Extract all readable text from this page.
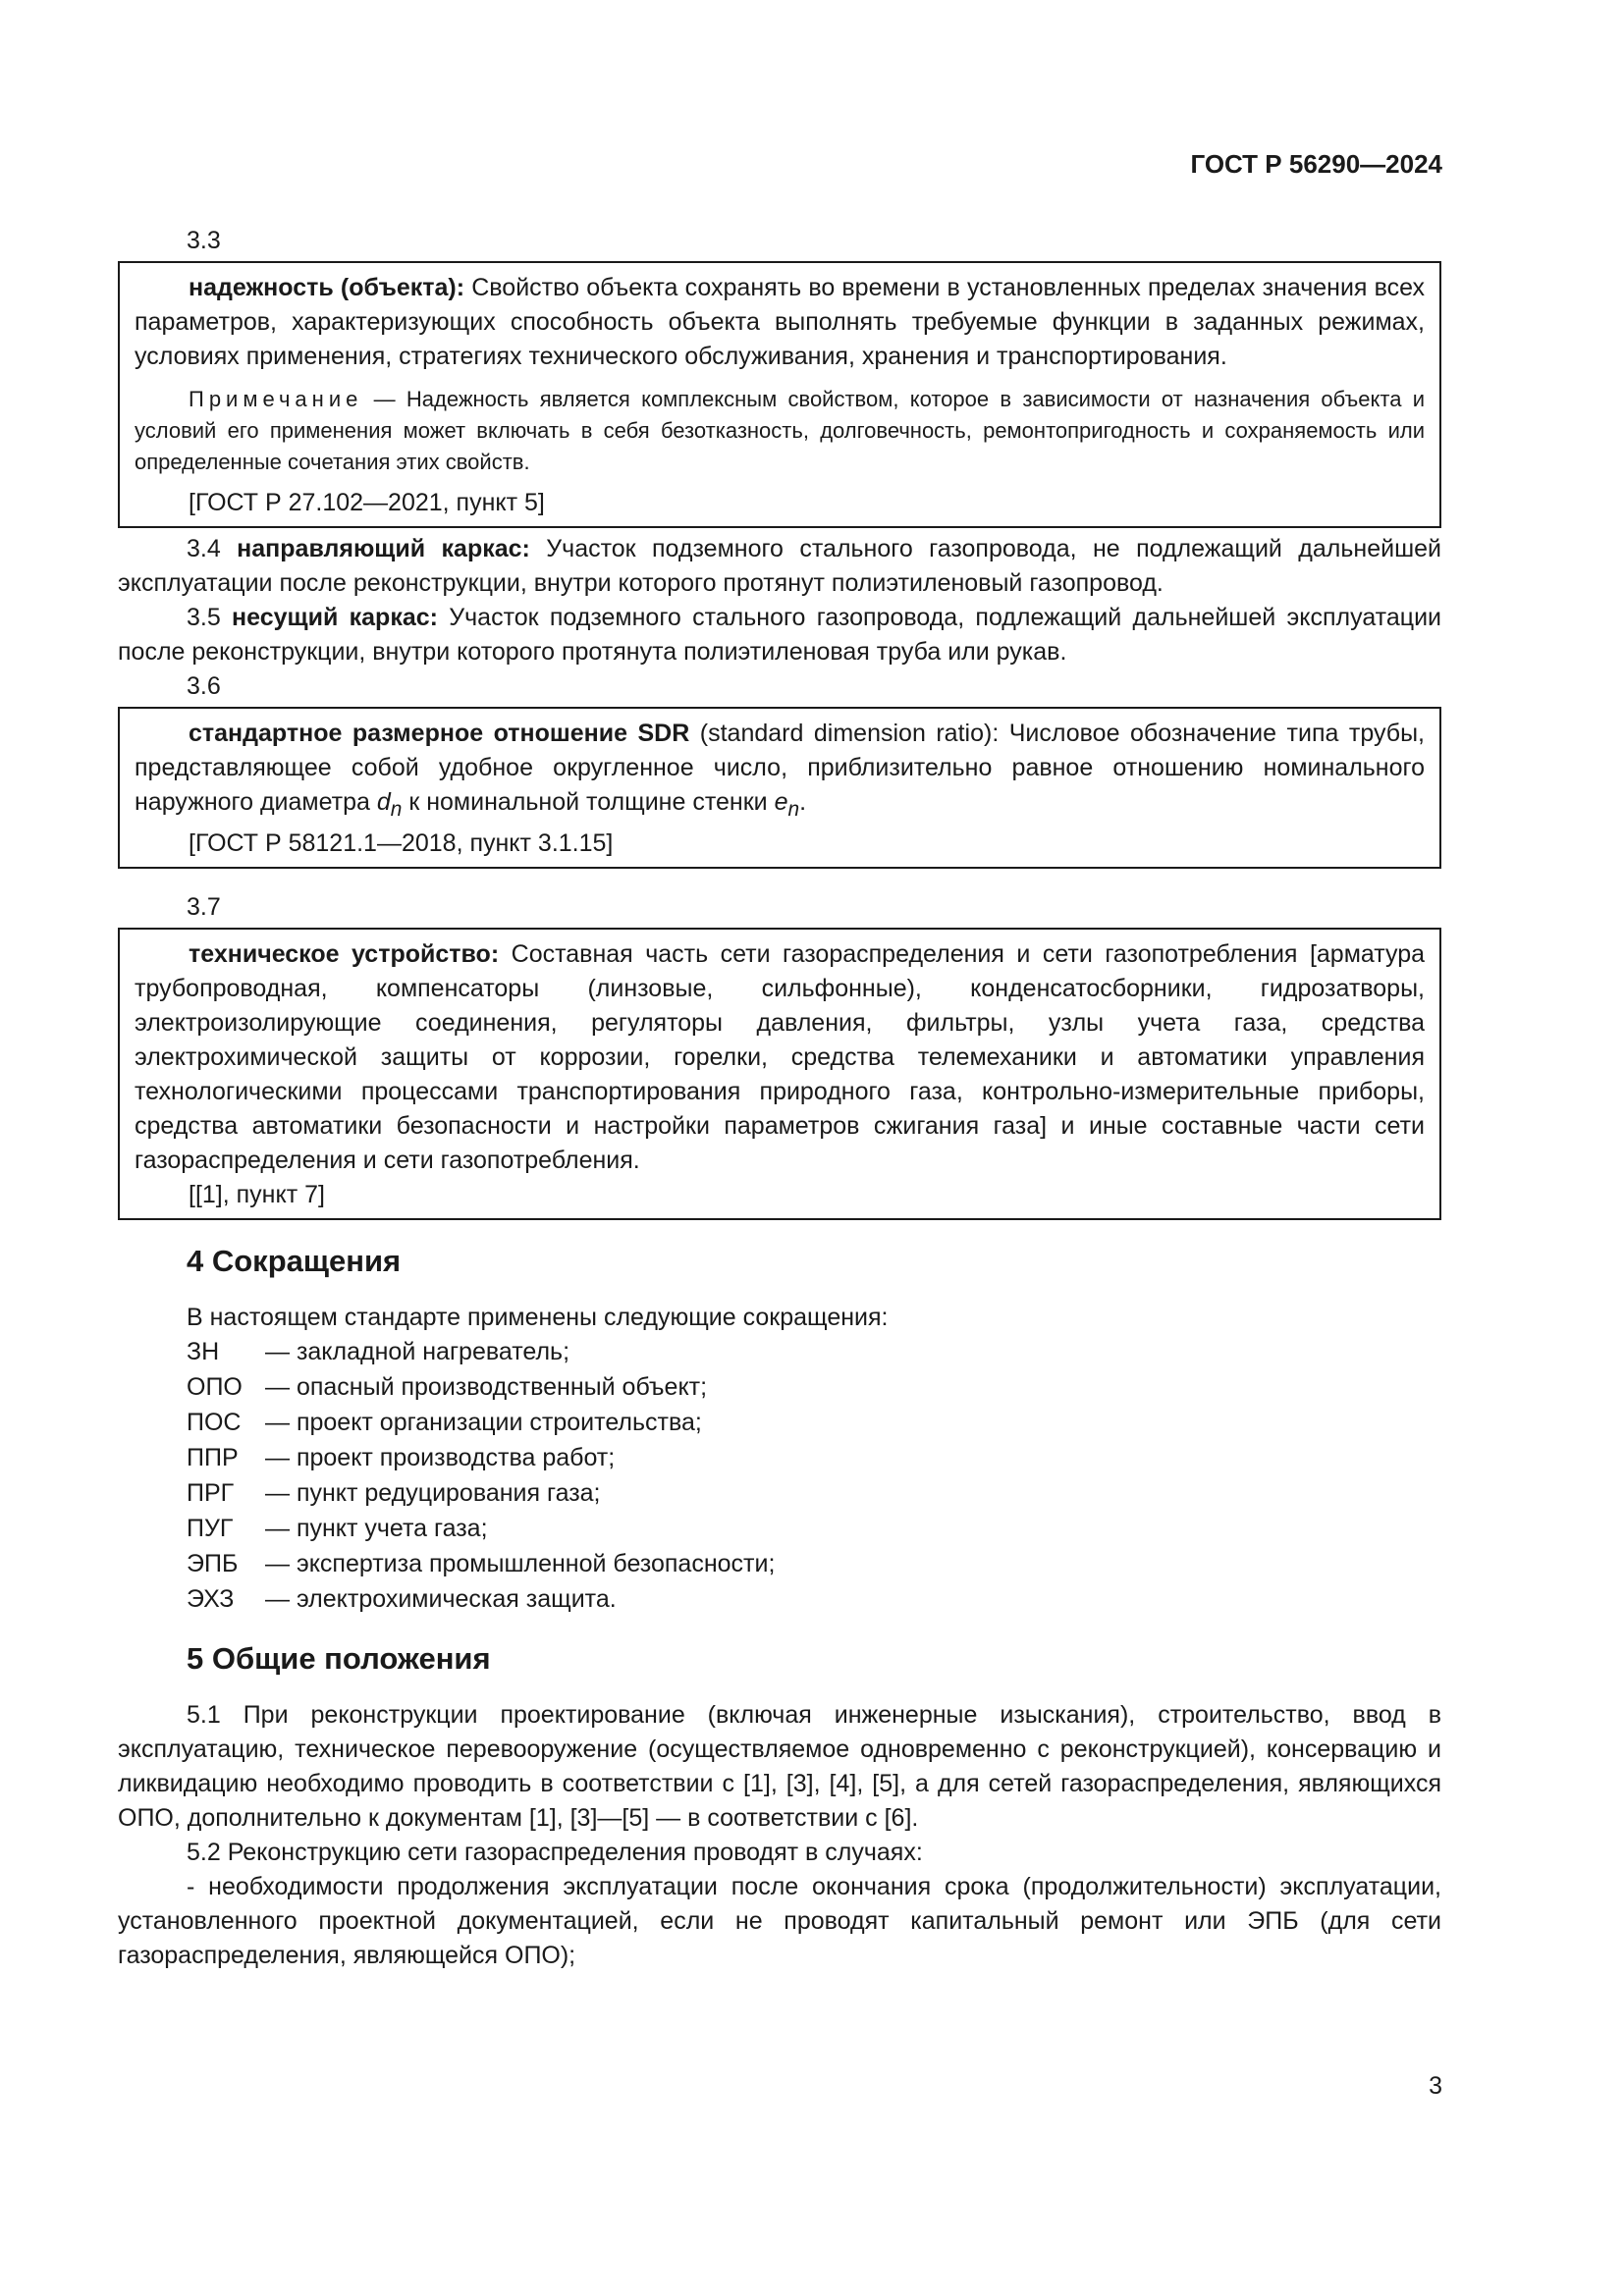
ГОСТ Р 56290—2024
3.3

надежность (объекта): Свойство объекта сохранять во времени в установленных пределах значения всех параметров, характеризующих способность объекта выполнять требуемые функции в заданных режимах, условиях применения, стратегиях технического обслуживания, хранения и транспортирования.

Примечание — Надежность является комплексным свойством, которое в зависимости от назначения объекта и условий его применения может включать в себя безотказность, долговечность, ремонтопригодность и сохраняемость или определенные сочетания этих свойств.

[ГОСТ Р 27.102—2021, пункт 5]

3.4 направляющий каркас: Участок подземного стального газопровода, не подлежащий дальнейшей эксплуатации после реконструкции, внутри которого протянут полиэтиленовый газопровод.

3.5 несущий каркас: Участок подземного стального газопровода, подлежащий дальнейшей эксплуатации после реконструкции, внутри которого протянута полиэтиленовая труба или рукав.

3.6

стандартное размерное отношение SDR (standard dimension ratio): Числовое обозначение типа трубы, представляющее собой удобное округленное число, приблизительно равное отношению номинального наружного диаметра $d_n$ к номинальной толщине стенки $e_n$.

[ГОСТ Р 58121.1—2018, пункт 3.1.15]

3.7

техническое устройство: Составная часть сети газораспределения и сети газопотребления [арматура трубопроводная, компенсаторы (линзовые, сильфонные), конденсатосборники, гидрозатворы, электроизолирующие соединения, регуляторы давления, фильтры, узлы учета газа, средства электрохимической защиты от коррозии, горелки, средства телемеханики и автоматики управления технологическими процессами транспортирования природного газа, контрольно-измерительные приборы, средства автоматики безопасности и настройки параметров сжигания газа] и иные составные части сети газораспределения и сети газопотребления.

[[1], пункт 7]

4 Сокращения

В настоящем стандарте применены следующие сокращения:

ЗН	— закладной нагреватель;
ОПО — опасный производственный объект;
ПОС — проект организации строительства;
ППР	— проект производства работ;
ПРГ	— пункт редуцирования газа;
ПУГ	— пункт учета газа;
ЭПБ	— экспертиза промышленной безопасности;
ЭХЗ	— электрохимическая защита.
5 Общие положения

5.1 При реконструкции проектирование (включая инженерные изыскания), строительство, ввод в эксплуатацию, техническое перевооружение (осуществляемое одновременно с реконструкцией), консервацию и ликвидацию необходимо проводить в соответствии с [1], [3], [4], [5], а для сетей газораспределения, являющихся ОПО, дополнительно к документам [1], [3]—[5] — в соответствии с [6].

5.2 Реконструкцию сети газораспределения проводят в случаях:

- необходимости продолжения эксплуатации после окончания срока (продолжительности) эксплуатации, установленного проектной документацией, если не проводят капитальный ремонт или ЭПБ (для сети газораспределения, являющейся ОПО);

3
